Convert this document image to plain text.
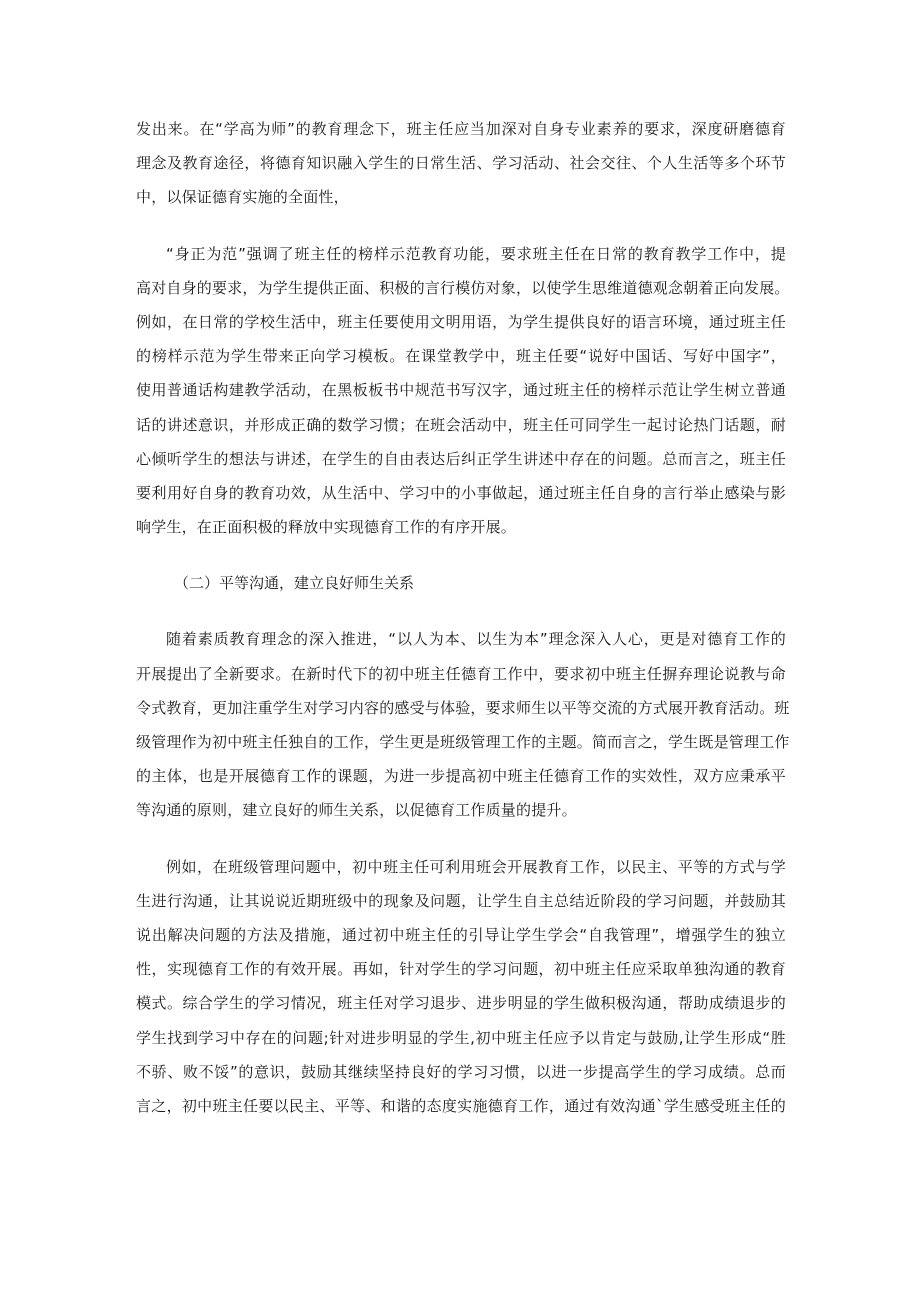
发出来。在“学高为师”的教育理念下，班主任应当加深对自身专业素养的要求，深度研磨德育
理念及教育途径，将德育知识融入学生的日常生活、学习活动、社会交往、个人生活等多个环节
中，以保证德育实施的全面性，
“身正为范”强调了班主任的榜样示范教育功能，要求班主任在日常的教育教学工作中，提
高对自身的要求，为学生提供正面、积极的言行模仿对象，以使学生思维道德观念朝着正向发展。
例如，在日常的学校生活中，班主任要使用文明用语，为学生提供良好的语言环境，通过班主任
的榜样示范为学生带来正向学习模板。在课堂教学中，班主任要“说好中国话、写好中国字”，
使用普通话构建教学活动，在黑板板书中规范书写汉字，通过班主任的榜样示范让学生树立普通
话的讲述意识，并形成正确的数学习惯；在班会活动中，班主任可同学生一起讨论热门话题，耐
心倾听学生的想法与讲述，在学生的自由表达后纠正学生讲述中存在的问题。总而言之，班主任
要利用好自身的教育功效，从生活中、学习中的小事做起，通过班主任自身的言行举止感染与影
响学生，在正面积极的释放中实现德育工作的有序开展。
（二）平等沟通，建立良好师生关系
随着素质教育理念的深入推进，“以人为本、以生为本”理念深入人心，更是对德育工作的
开展提出了全新要求。在新时代下的初中班主任德育工作中，要求初中班主任摒弃理论说教与命
令式教育，更加注重学生对学习内容的感受与体验，要求师生以平等交流的方式展开教育活动。班
级管理作为初中班主任独自的工作，学生更是班级管理工作的主题。简而言之，学生既是管理工作
的主体，也是开展德育工作的课题，为进一步提高初中班主任德育工作的实效性，双方应秉承平
等沟通的原则，建立良好的师生关系，以促德育工作质量的提升。
例如，在班级管理问题中，初中班主任可利用班会开展教育工作，以民主、平等的方式与学
生进行沟通，让其说说近期班级中的现象及问题，让学生自主总结近阶段的学习问题，并鼓励其
说出解决问题的方法及措施，通过初中班主任的引导让学生学会“自我管理”，增强学生的独立
性，实现德育工作的有效开展。再如，针对学生的学习问题，初中班主任应采取单独沟通的教育
模式。综合学生的学习情况，班主任对学习退步、进步明显的学生做积极沟通，帮助成绩退步的
学生找到学习中存在的问题;针对进步明显的学生,初中班主任应予以肯定与鼓励,让学生形成“胜
不骄、败不馁”的意识，鼓励其继续坚持良好的学习习惯，以进一步提高学生的学习成绩。总而
言之，初中班主任要以民主、平等、和谐的态度实施德育工作，通过有效沟通`学生感受班主任的
